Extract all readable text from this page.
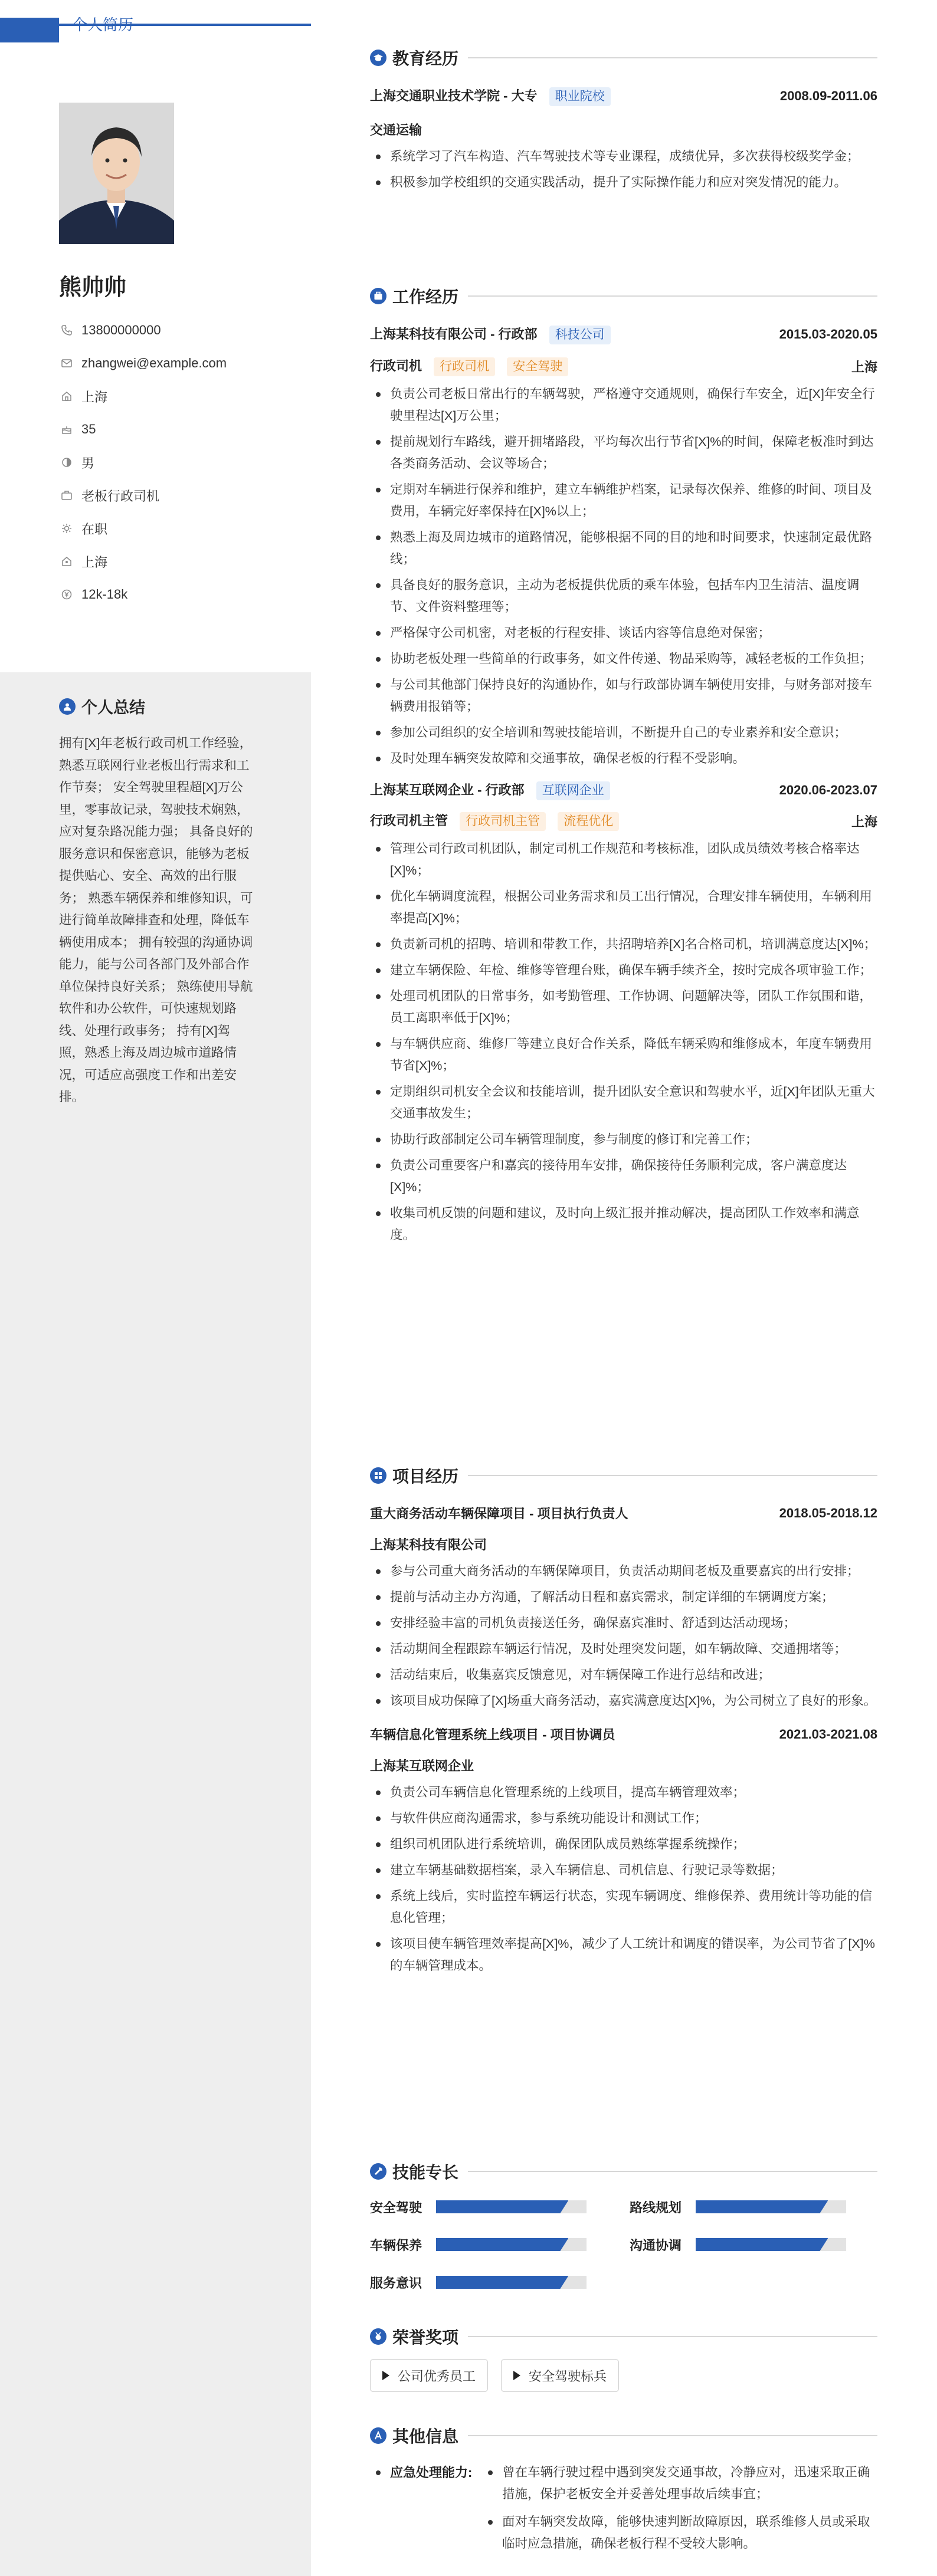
个人简历
熊帅帅
13800000000
zhangwei@example.com
上海
35
男
老板行政司机
在职
上海
12k-18k
个人总结
拥有[X]年老板行政司机工作经验，熟悉互联网行业老板出行需求和工作节奏； 安全驾驶里程超[X]万公里，零事故记录，驾驶技术娴熟，应对复杂路况能力强； 具备良好的服务意识和保密意识，能够为老板提供贴心、安全、高效的出行服务； 熟悉车辆保养和维修知识，可进行简单故障排查和处理，降低车辆使用成本； 拥有较强的沟通协调能力，能与公司各部门及外部合作单位保持良好关系； 熟练使用导航软件和办公软件，可快速规划路线、处理行政事务； 持有[X]驾照，熟悉上海及周边城市道路情况，可适应高强度工作和出差安排。
教育经历
上海交通职业技术学院 - 大专 职业院校	2008.09-2011.06
交通运输
系统学习了汽车构造、汽车驾驶技术等专业课程，成绩优异，多次获得校级奖学金；
积极参加学校组织的交通实践活动，提升了实际操作能力和应对突发情况的能力。
工作经历
上海某科技有限公司 - 行政部 科技公司	2015.03-2020.05
行政司机 行政司机 安全驾驶	上海
负责公司老板日常出行的车辆驾驶，严格遵守交通规则，确保行车安全，近[X]年安全行驶里程达[X]万公里；
提前规划行车路线，避开拥堵路段，平均每次出行节省[X]%的时间，保障老板准时到达各类商务活动、会议等场合；
定期对车辆进行保养和维护，建立车辆维护档案，记录每次保养、维修的时间、项目及费用，车辆完好率保持在[X]%以上；
熟悉上海及周边城市的道路情况，能够根据不同的目的地和时间要求，快速制定最优路线；
具备良好的服务意识，主动为老板提供优质的乘车体验，包括车内卫生清洁、温度调节、文件资料整理等；
严格保守公司机密，对老板的行程安排、谈话内容等信息绝对保密；
协助老板处理一些简单的行政事务，如文件传递、物品采购等，减轻老板的工作负担；
与公司其他部门保持良好的沟通协作，如与行政部协调车辆使用安排，与财务部对接车辆费用报销等；
参加公司组织的安全培训和驾驶技能培训，不断提升自己的专业素养和安全意识；
及时处理车辆突发故障和交通事故，确保老板的行程不受影响。
上海某互联网企业 - 行政部 互联网企业	2020.06-2023.07
行政司机主管 行政司机主管 流程优化	上海
管理公司行政司机团队，制定司机工作规范和考核标准，团队成员绩效考核合格率达[X]%；
优化车辆调度流程，根据公司业务需求和员工出行情况，合理安排车辆使用，车辆利用率提高[X]%；
负责新司机的招聘、培训和带教工作，共招聘培养[X]名合格司机，培训满意度达[X]%；
建立车辆保险、年检、维修等管理台账，确保车辆手续齐全，按时完成各项审验工作；
处理司机团队的日常事务，如考勤管理、工作协调、问题解决等，团队工作氛围和谐，员工离职率低于[X]%；
与车辆供应商、维修厂等建立良好合作关系，降低车辆采购和维修成本，年度车辆费用节省[X]%；
定期组织司机安全会议和技能培训，提升团队安全意识和驾驶水平，近[X]年团队无重大交通事故发生；
协助行政部制定公司车辆管理制度，参与制度的修订和完善工作；
负责公司重要客户和嘉宾的接待用车安排，确保接待任务顺利完成，客户满意度达[X]%；
收集司机反馈的问题和建议，及时向上级汇报并推动解决，提高团队工作效率和满意度。
项目经历
重大商务活动车辆保障项目 - 项目执行负责人	2018.05-2018.12
上海某科技有限公司
参与公司重大商务活动的车辆保障项目，负责活动期间老板及重要嘉宾的出行安排；
提前与活动主办方沟通，了解活动日程和嘉宾需求，制定详细的车辆调度方案；
安排经验丰富的司机负责接送任务，确保嘉宾准时、舒适到达活动现场；
活动期间全程跟踪车辆运行情况，及时处理突发问题，如车辆故障、交通拥堵等；
活动结束后，收集嘉宾反馈意见，对车辆保障工作进行总结和改进；
该项目成功保障了[X]场重大商务活动，嘉宾满意度达[X]%，为公司树立了良好的形象。
车辆信息化管理系统上线项目 - 项目协调员	2021.03-2021.08
上海某互联网企业
负责公司车辆信息化管理系统的上线项目，提高车辆管理效率；
与软件供应商沟通需求，参与系统功能设计和测试工作；
组织司机团队进行系统培训，确保团队成员熟练掌握系统操作；
建立车辆基础数据档案，录入车辆信息、司机信息、行驶记录等数据；
系统上线后，实时监控车辆运行状态，实现车辆调度、维修保养、费用统计等功能的信息化管理；
该项目使车辆管理效率提高[X]%，减少了人工统计和调度的错误率，为公司节省了[X]%的车辆管理成本。
技能专长
安全驾驶	路线规划
车辆保养	沟通协调
服务意识
荣誉奖项
公司优秀员工	安全驾驶标兵
其他信息
应急处理能力:	曾在车辆行驶过程中遇到突发交通事故，冷静应对，迅速采取正确措施，保护老板安全并妥善处理事故后续事宜；
面对车辆突发故障，能够快速判断故障原因，联系维修人员或采取临时应急措施，确保老板行程不受较大影响。
